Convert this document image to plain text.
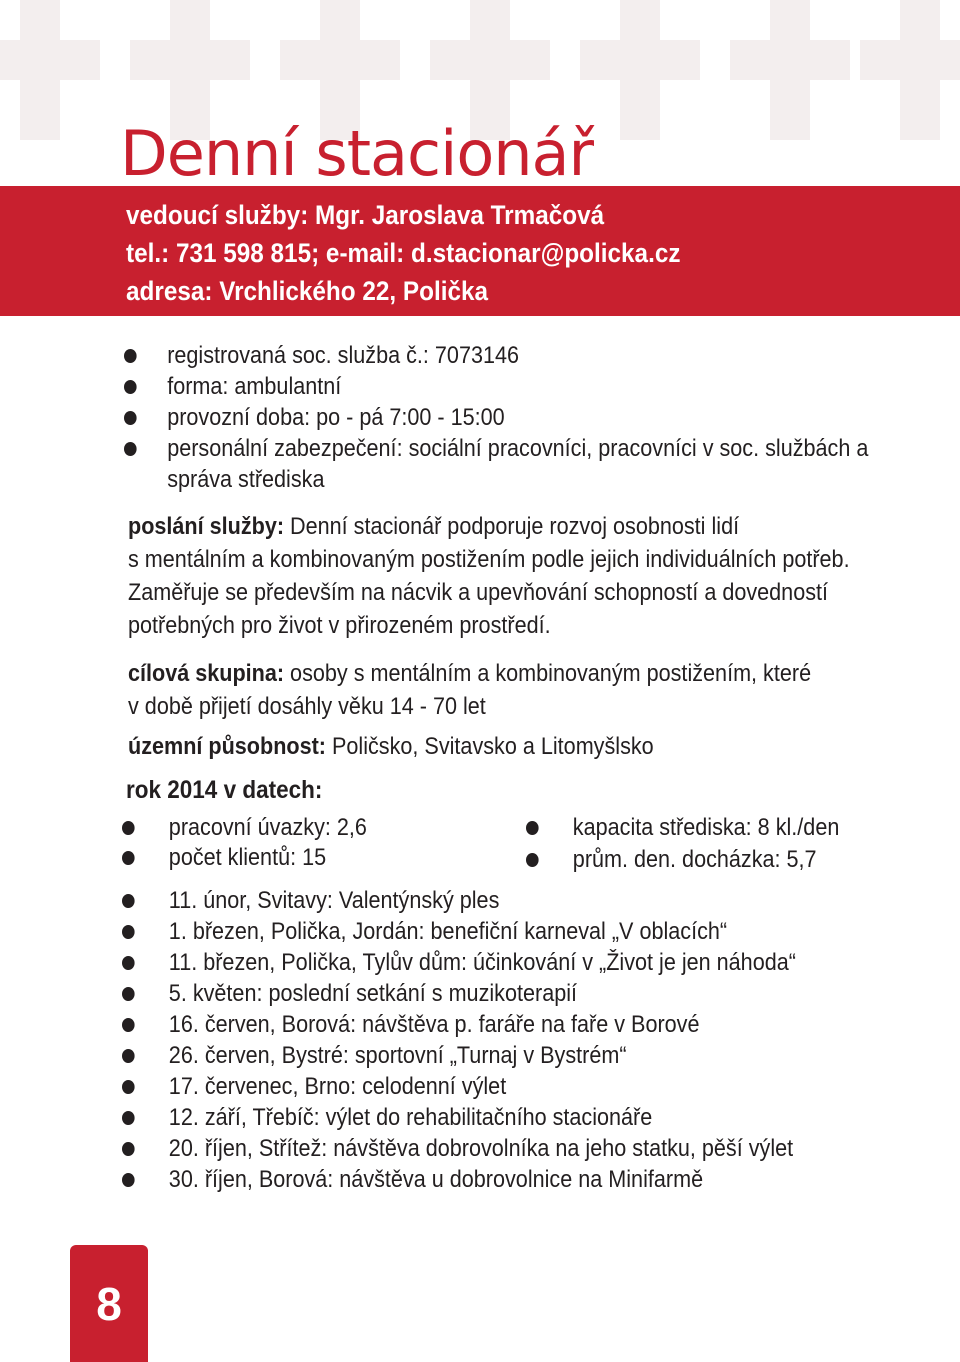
Denní stacionář
vedoucí služby: Mgr. Jaroslava Trmačová
tel.: 731 598 815; e-mail: d.stacionar@policka.cz
adresa: Vrchlického 22, Polička
registrovaná soc. služba č.: 7073146
forma: ambulantní
provozní doba: po - pá 7:00 - 15:00
personální zabezpečení: sociální pracovníci, pracovníci v soc. službách a správa střediska
poslání služby: Denní stacionář podporuje rozvoj osobnosti lidí
s mentálním a kombinovaným postižením podle jejich individuálních potřeb.
Zaměřuje se především na nácvik a upevňování schopností a dovedností
potřebných pro život v přirozeném prostředí.
cílová skupina: osoby s mentálním a kombinovaným postižením, které
v době přijetí dosáhly věku 14 - 70 let
územní působnost: Poličsko, Svitavsko a Litomyšlsko
rok 2014 v datech:
pracovní úvazky: 2,6
počet klientů: 15
kapacita střediska: 8 kl./den
prům. den. docházka: 5,7
11. únor, Svitavy: Valentýnský ples
1. březen, Polička, Jordán: benefiční karneval „V oblacích“
11. březen, Polička, Tylův dům: účinkování v „Život je jen náhoda“
5. květen: poslední setkání s muzikoterapií
16. červen, Borová: návštěva p. faráře na faře v Borové
26. červen, Bystré: sportovní „Turnaj v Bystrém“
17. červenec, Brno: celodenní výlet
12. září, Třebíč: výlet do rehabilitačního stacionáře
20. říjen, Střítež: návštěva dobrovolníka na jeho statku, pěší výlet
30. říjen, Borová: návštěva u dobrovolnice na Minifarmě
8
